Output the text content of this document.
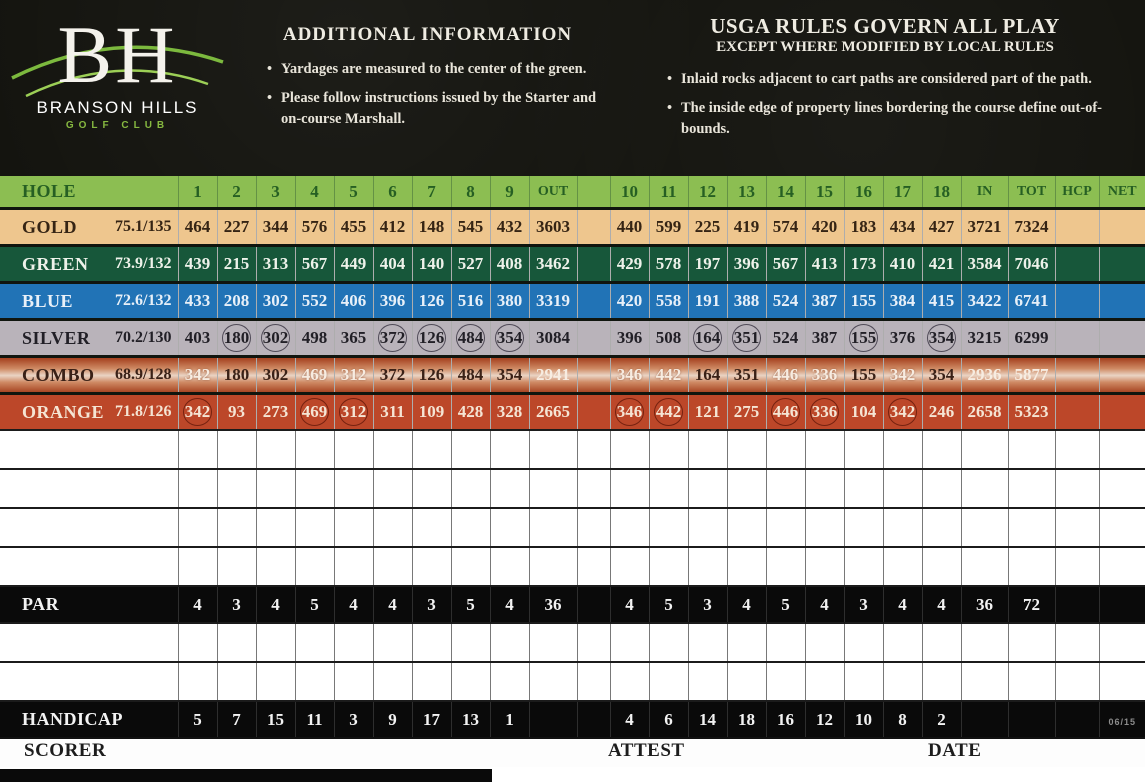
BH
BRANSON HILLS
GOLF CLUB
ADDITIONAL INFORMATION
• Yardages are measured to the center of the green.
• Please follow instructions issued by the Starter and on-course Marshall.
USGA RULES GOVERN ALL PLAY
EXCEPT WHERE MODIFIED BY LOCAL RULES
• Inlaid rocks adjacent to cart paths are considered part of the path.
• The inside edge of property lines bordering the course define out-of-bounds.
HOLE	1	2	3	4	5	6	7	8	9	OUT		10	11	12	13	14	15	16	17	18	IN	TOT	HCP	NET

GOLD 75.1/135	464	227	344	576	455	412	148	545	432	3603		440	599	225	419	574	420	183	434	427	3721	7324		

GREEN 73.9/132	439	215	313	567	449	404	140	527	408	3462		429	578	197	396	567	413	173	410	421	3584	7046		

BLUE 72.6/132	433	208	302	552	406	396	126	516	380	3319		420	558	191	388	524	387	155	384	415	3422	6741		

SILVER 70.2/130	403	180	302	498	365	372	126	484	354	3084		396	508	164	351	524	387	155	376	354	3215	6299		

COMBO 68.9/128	342	180	302	469	312	372	126	484	354	2941		346	442	164	351	446	336	155	342	354	2936	5877		

ORANGE 71.8/126	342	93	273	469	312	311	109	428	328	2665		346	442	121	275	446	336	104	342	246	2658	5323		

PAR	4	3	4	5	4	4	3	5	4	36		4	5	3	4	5	4	3	4	4	36	72		

HANDICAP	5	7	15	11	3	9	17	13	1			4	6	14	18	16	12	10	8	2				06/15
SCORER	ATTEST	DATE
